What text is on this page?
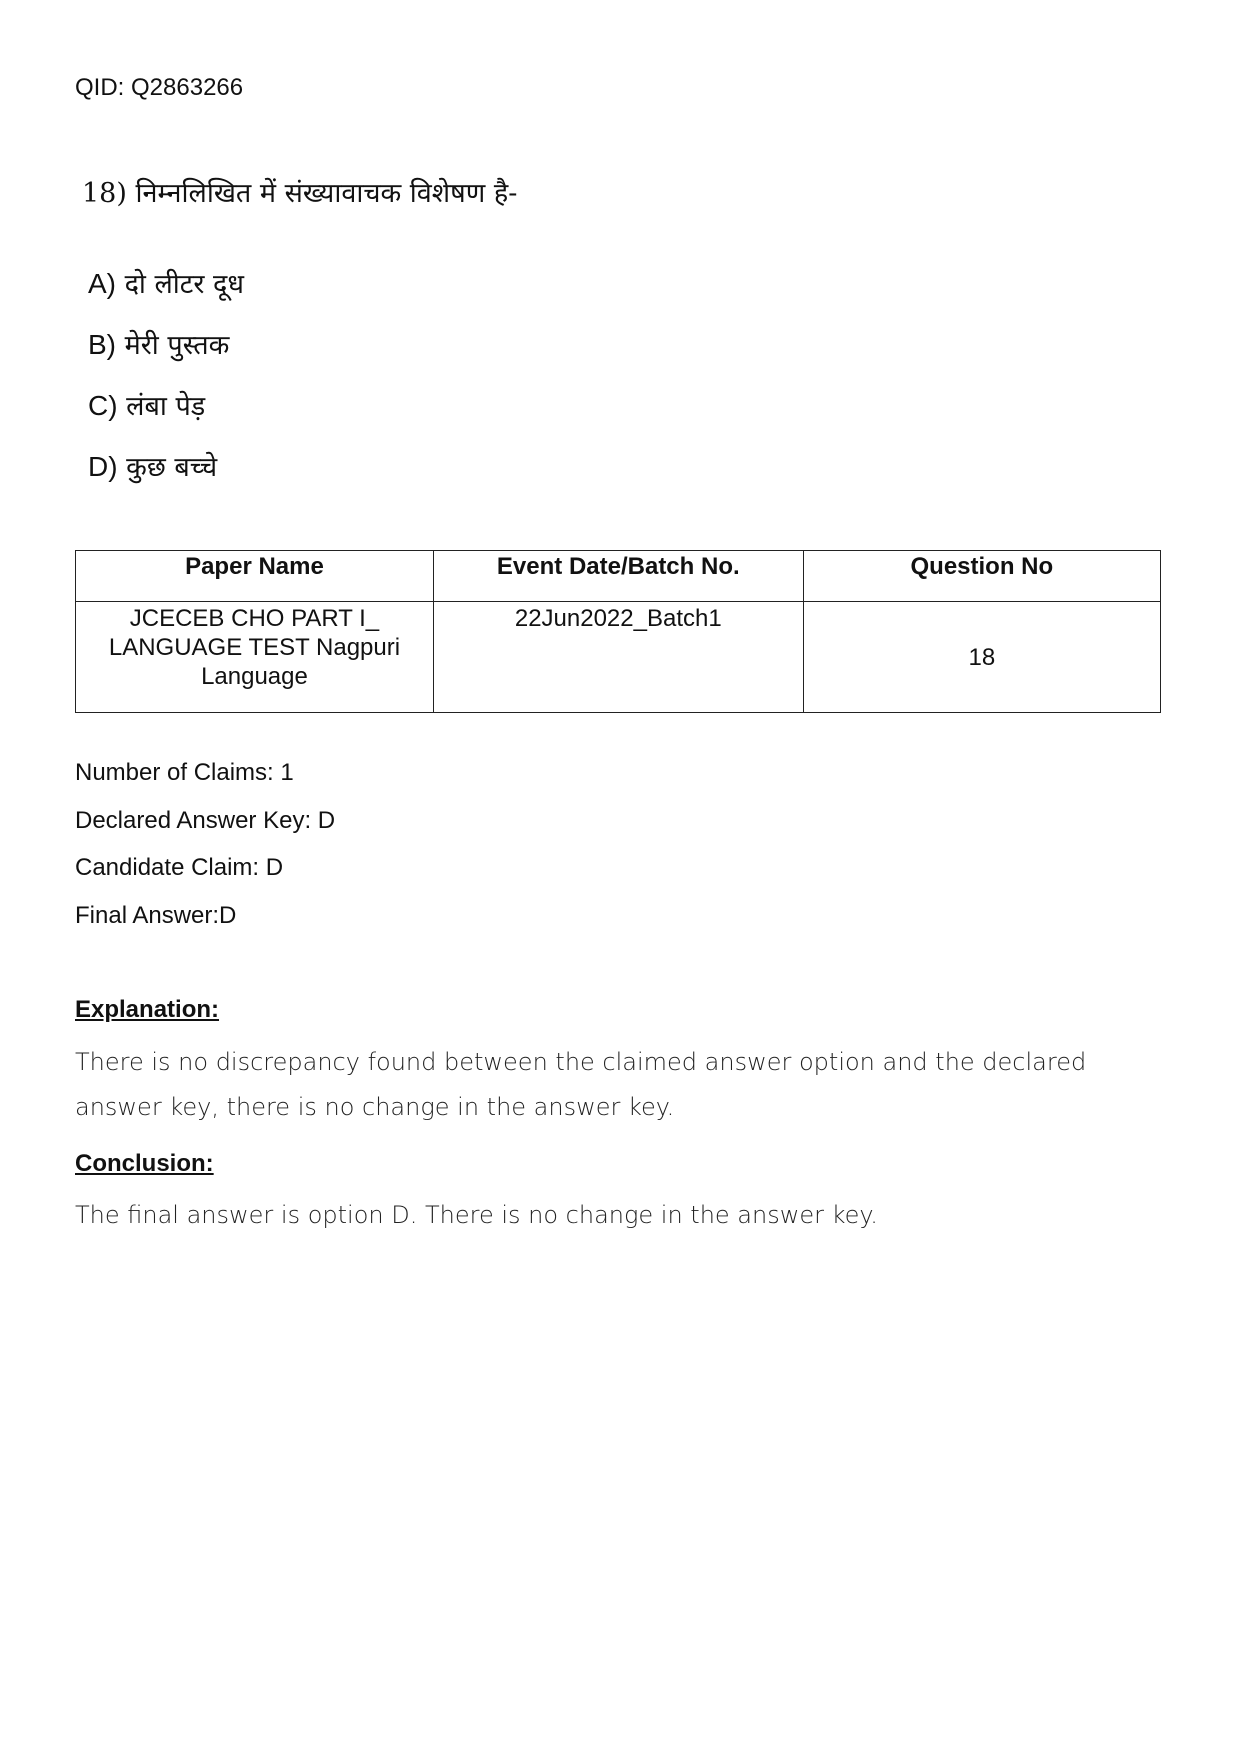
QID: Q2863266

18) निम्नलिखित में संख्यावाचक विशेषण है-

A) दो लीटर दूध
B) मेरी पुस्तक
C) लंबा पेड़
D) कुछ बच्चे
Paper Name	Event Date/Batch No.	Question No
JCECEB CHO PART I_ LANGUAGE TEST Nagpuri Language	22Jun2022_Batch1	18
Number of Claims: 1
Declared Answer Key: D
Candidate Claim: D
Final Answer:D
Explanation:
There is no discrepancy found between the claimed answer option and the declared answer key, there is no change in the answer key.
Conclusion:
The final answer is option D. There is no change in the answer key.
